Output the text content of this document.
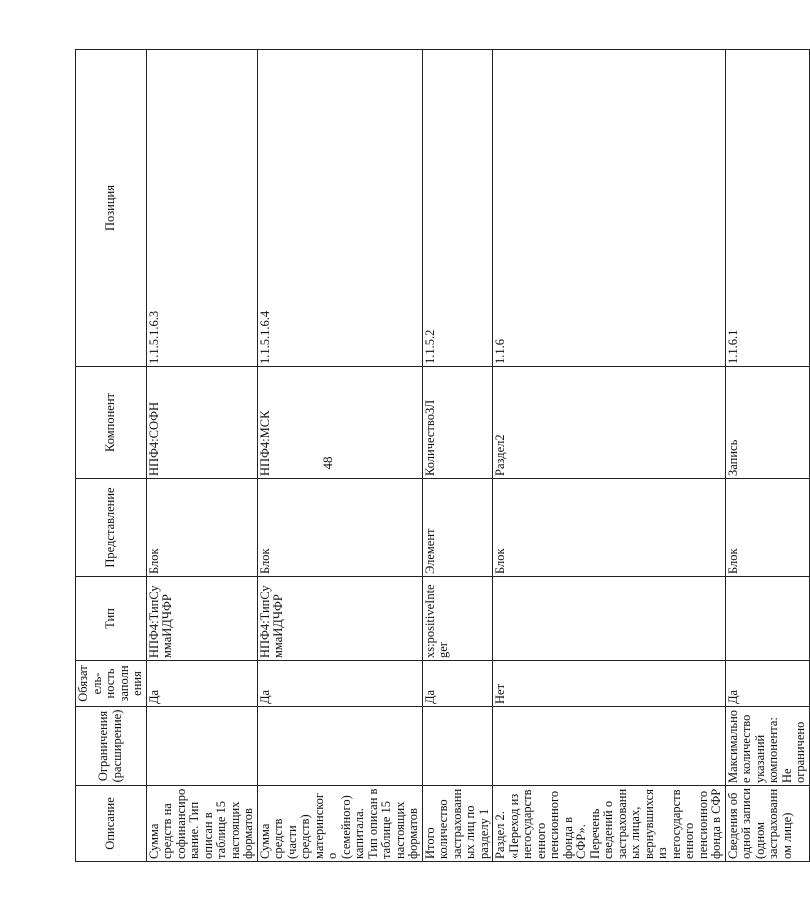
48
Описание	Ограничения (расширение)	Обязатель-ность заполнения	Тип	Представление	Компонент	Позиция
Сумма средств на софинансирование. Тип описан в таблице 15 настоящих форматов		Да	НПФ4:ТипСуммаИДЧФР	Блок	НПФ4:СОФН	1.1.5.1.6.3
Сумма средств (части средств) материнского (семейного) капитала. Тип описан в таблице 15 настоящих форматов		Да	НПФ4:ТипСуммаИДЧФР	Блок	НПФ4:МСК	1.1.5.1.6.4
Итого количество застрахованных лиц по разделу 1		Да	xs:positiveInteger	Элемент	КоличествоЗЛ	1.1.5.2
Раздел 2. «Переход из негосударственного пенсионного фонда в СФР». Перечень сведений о застрахованных лицах, вернувшихся из негосударственного пенсионного фонда в СФР		Нет		Блок	Раздел2	1.1.6
Сведения об одной записи (одном застрахованном лице)	Максимальное количество указаний компонента: Не ограничено	Да		Блок	Запись	1.1.6.1
